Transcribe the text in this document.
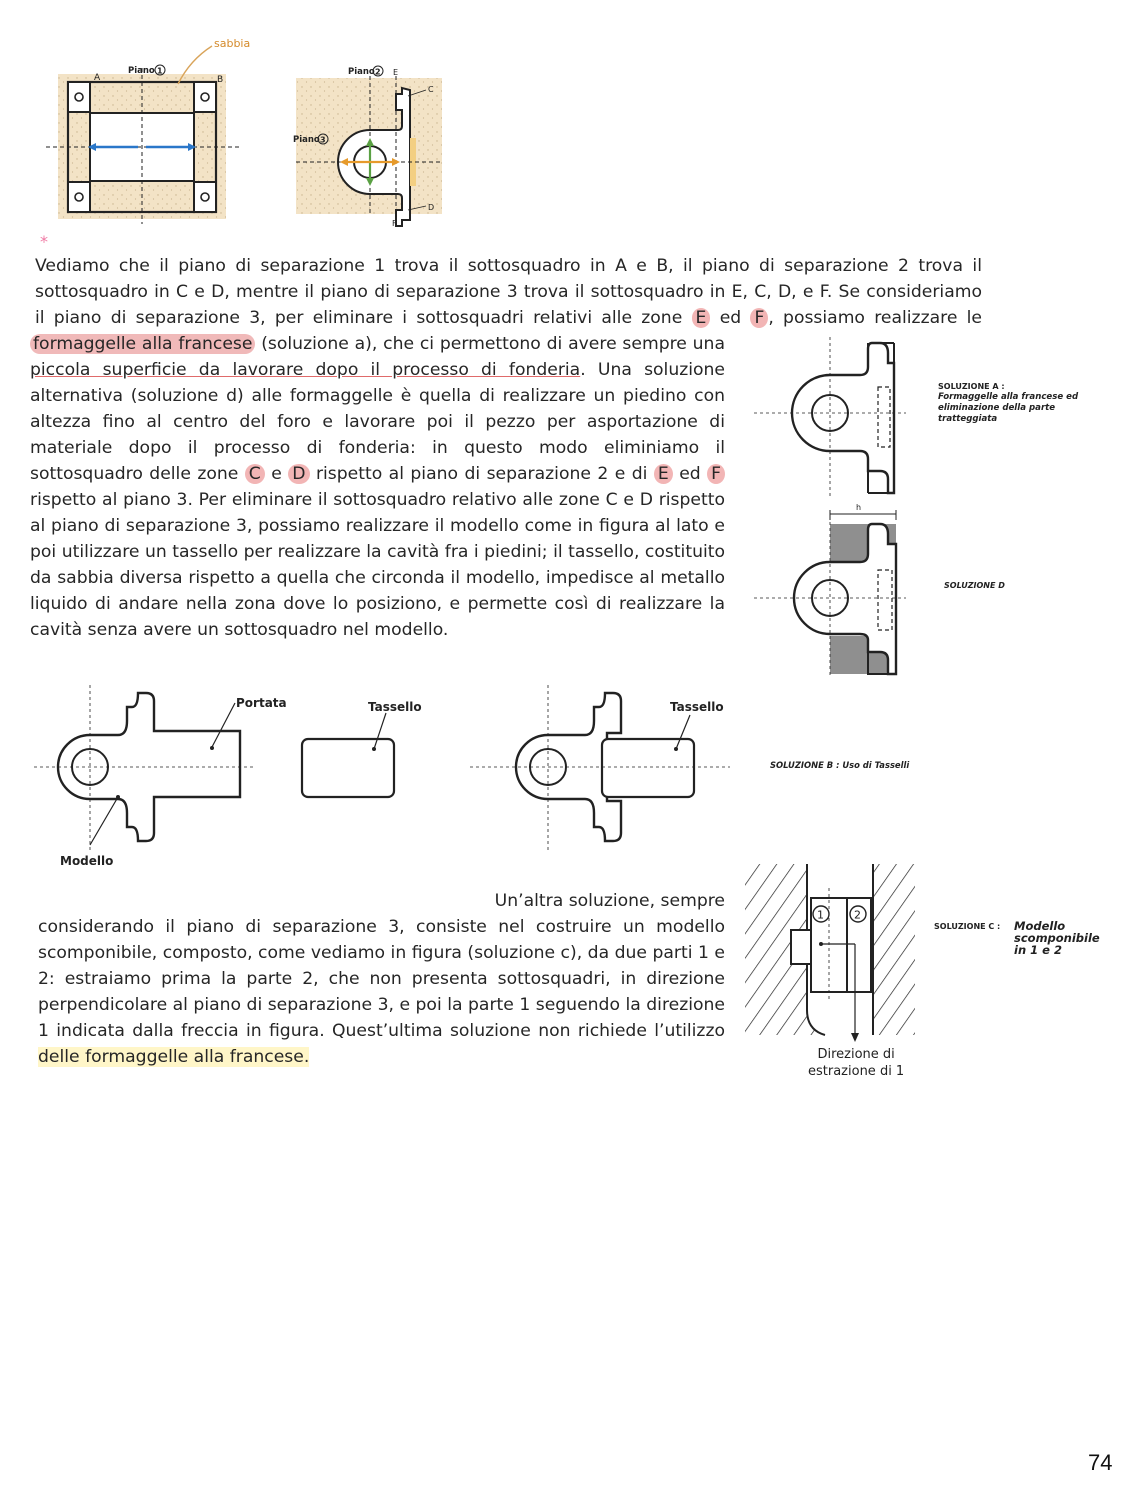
sabbia
Piano 1
A	B
Piano 2
Piano 3
E
C
D
F
*
Vediamo che il piano di separazione 1 trova il sottosquadro in A e B, il piano di separazione 2 trova il
sottosquadro in C e D, mentre il piano di separazione 3 trova il sottosquadro in E, C, D, e F. Se consideriamo
il piano di separazione 3, per eliminare i sottosquadri relativi alle zone E ed F , possiamo realizzare le
formaggelle alla francese (soluzione a), che ci permettono di avere sempre una
piccola superficie da lavorare dopo il processo di fonderia. Una soluzione
alternativa (soluzione d) alle formaggelle è quella di realizzare un piedino con
altezza fino al centro del foro e lavorare poi il pezzo per asportazione di
materiale dopo il processo di fonderia: in questo modo eliminiamo il
sottosquadro delle zone C e D rispetto al piano di separazione 2 e di E ed F
rispetto al piano 3. Per eliminare il sottosquadro relativo alle zone C e D rispetto
al piano di separazione 3, possiamo realizzare il modello come in figura al lato e
poi utilizzare un tassello per realizzare la cavità fra i piedini; il tassello, costituito
da sabbia diversa rispetto a quella che circonda il modello, impedisce al metallo
liquido di andare nella zona dove lo posiziono, e permette così di realizzare la
cavità senza avere un sottosquadro nel modello.
SOLUZIONE A :
Formaggelle alla francese ed
eliminazione della parte
tratteggiata
h
SOLUZIONE D
Portata
Modello
Tassello	Tassello
SOLUZIONE B : Uso di Tasselli
Un’altra soluzione, sempre
considerando il piano di separazione 3, consiste nel costruire un modello
scomponibile, composto, come vediamo in figura (soluzione c), da due parti 1 e
2: estraiamo prima la parte 2, che non presenta sottosquadri, in direzione
perpendicolare al piano di separazione 3, e poi la parte 1 seguendo la direzione
1 indicata dalla freccia in figura. Quest’ultima soluzione non richiede l’utilizzo
delle formaggelle alla francese.
1	2
Direzione di
estrazione di 1
SOLUZIONE C : Modello
scomponibile
in 1 e 2
74
